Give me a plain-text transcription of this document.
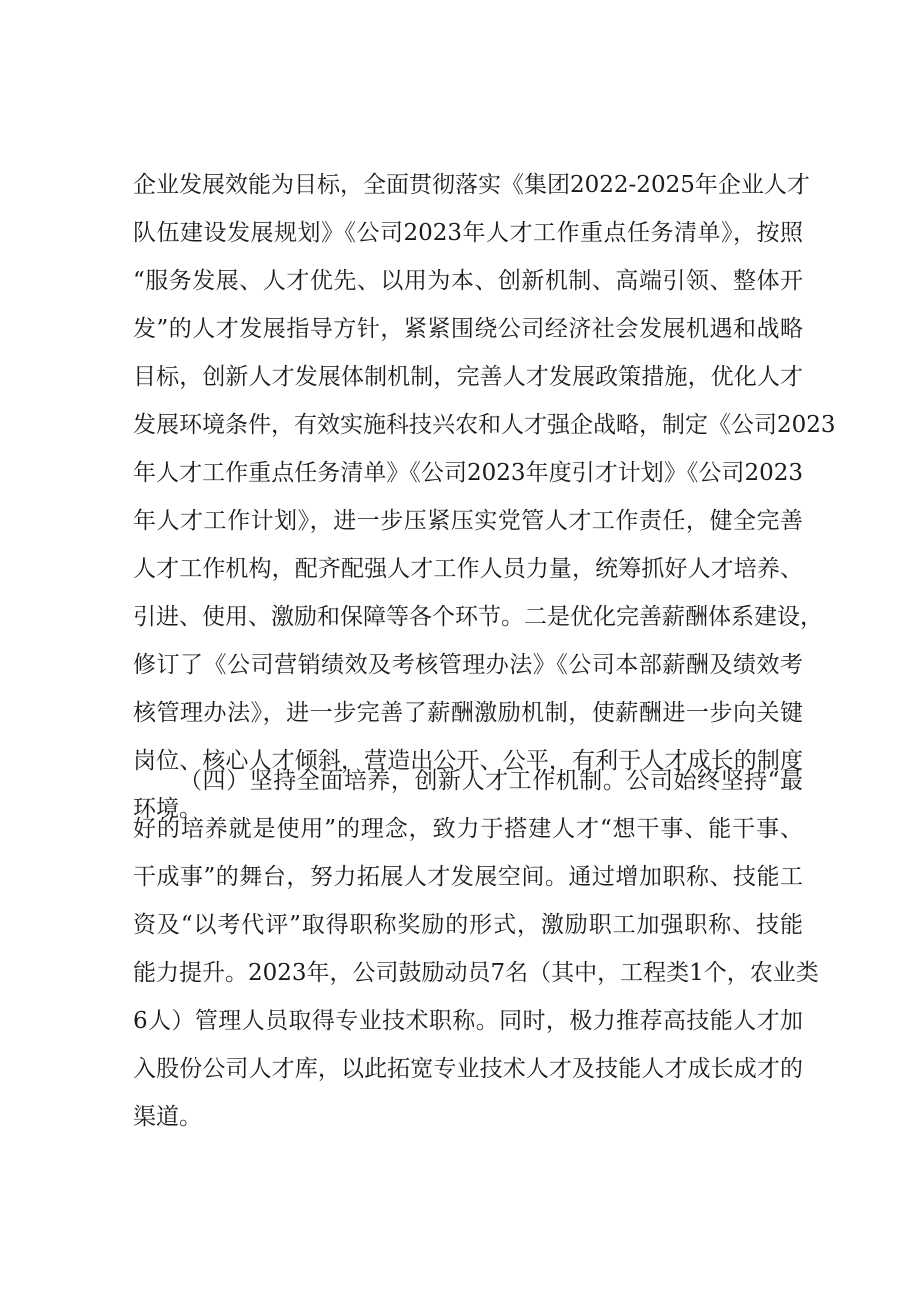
企业发展效能为目标，全面贯彻落实《集团2022-2025年企业人才
队伍建设发展规划》《公司2023年人才工作重点任务清单》，按照
“服务发展、人才优先、以用为本、创新机制、高端引领、整体开
发”的人才发展指导方针，紧紧围绕公司经济社会发展机遇和战略
目标，创新人才发展体制机制，完善人才发展政策措施，优化人才
发展环境条件，有效实施科技兴农和人才强企战略，制定《公司2023
年人才工作重点任务清单》《公司2023年度引才计划》《公司2023
年人才工作计划》，进一步压紧压实党管人才工作责任，健全完善
人才工作机构，配齐配强人才工作人员力量，统筹抓好人才培养、
引进、使用、激励和保障等各个环节。二是优化完善薪酬体系建设，
修订了《公司营销绩效及考核管理办法》《公司本部薪酬及绩效考
核管理办法》，进一步完善了薪酬激励机制，使薪酬进一步向关键
岗位、核心人才倾斜，营造出公开、公平，有利于人才成长的制度
环境。
（四）坚持全面培养，创新人才工作机制。公司始终坚持“最
好的培养就是使用”的理念，致力于搭建人才“想干事、能干事、
干成事”的舞台，努力拓展人才发展空间。通过增加职称、技能工
资及“以考代评”取得职称奖励的形式，激励职工加强职称、技能
能力提升。2023年，公司鼓励动员7名（其中，工程类1个，农业类
6人）管理人员取得专业技术职称。同时，极力推荐高技能人才加
入股份公司人才库，以此拓宽专业技术人才及技能人才成长成才的
渠道。
